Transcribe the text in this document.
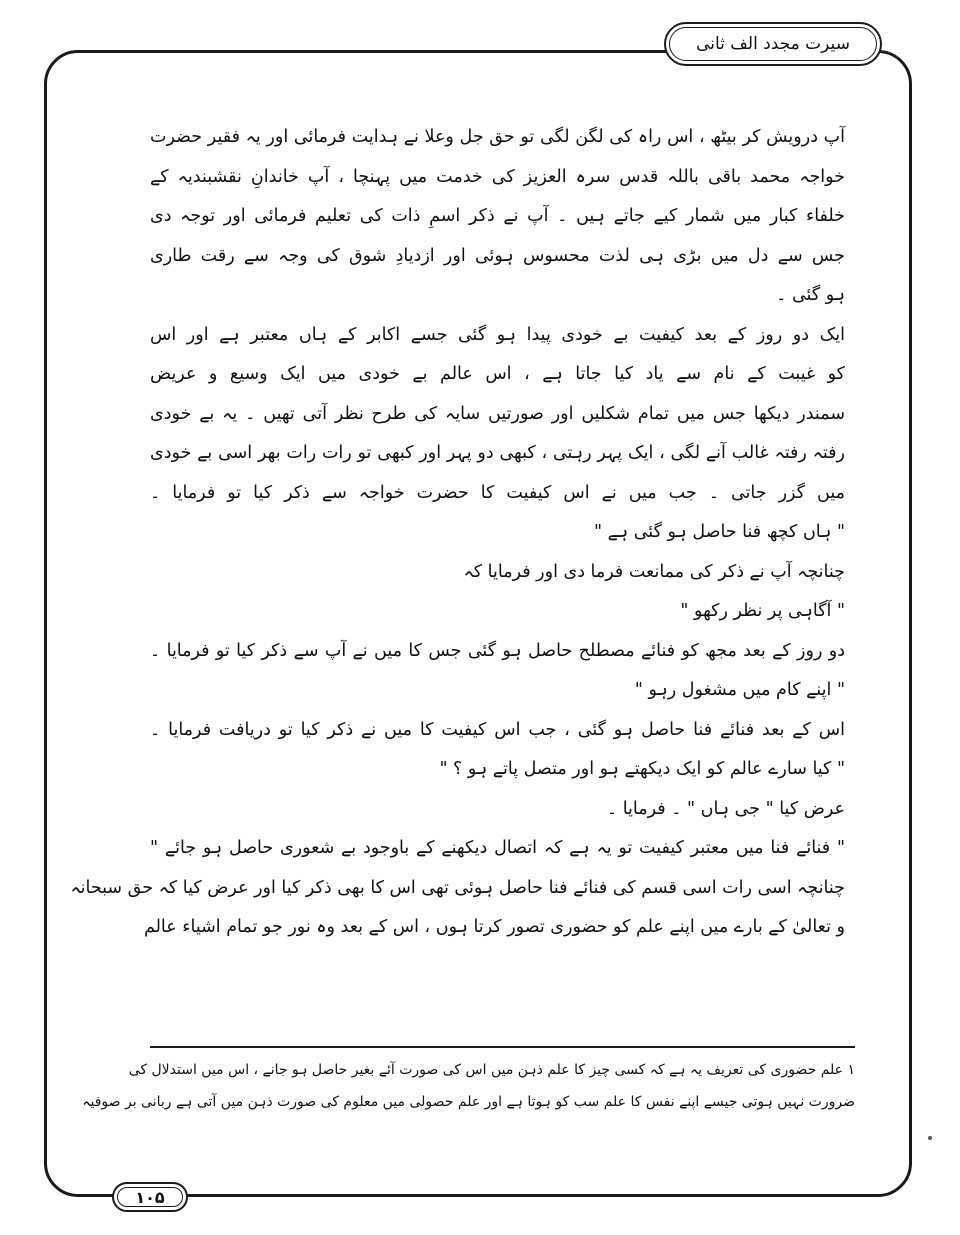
سیرت مجدد الف ثانی
آپ درویش کر بیٹھ ، اس راہ کی لگن لگی تو حق جل وعلا نے ہدایت فرمائی اور یہ فقیر حضرت
خواجہ محمد باقی باللہ قدس سرہ العزیز کی خدمت میں پہنچا ، آپ خاندانِ نقشبندیہ کے
خلفاء کبار میں شمار کیے جاتے ہیں ۔ آپ نے ذکر اسمِ ذات کی تعلیم فرمائی اور توجہ دی
جس سے دل میں بڑی ہی لذت محسوس ہوئی اور ازدیادِ شوق کی وجہ سے رقت طاری
ہو گئی ۔
ایک دو روز کے بعد کیفیت بے خودی پیدا ہو گئی جسے اکابر کے ہاں معتبر ہے اور اس
کو غیبت کے نام سے یاد کیا جاتا ہے ، اس عالم بے خودی میں ایک وسیع و عریض
سمندر دیکھا جس میں تمام شکلیں اور صورتیں سایہ کی طرح نظر آتی تھیں ۔ یہ بے خودی
رفتہ رفتہ غالب آنے لگی ، ایک پہر رہتی ، کبھی دو پہر اور کبھی تو رات رات بھر اسی بے خودی
میں گزر جاتی ۔ جب میں نے اس کیفیت کا حضرت خواجہ سے ذکر کیا تو فرمایا ۔
" ہاں کچھ فنا حاصل ہو گئی ہے "
چنانچہ آپ نے ذکر کی ممانعت فرما دی اور فرمایا کہ
" آگاہی پر نظر رکھو "
دو روز کے بعد مجھ کو فنائے مصطلح حاصل ہو گئی جس کا میں نے آپ سے ذکر کیا تو فرمایا ۔
" اپنے کام میں مشغول رہو "
اس کے بعد فنائے فنا حاصل ہو گئی ، جب اس کیفیت کا میں نے ذکر کیا تو دریافت فرمایا ۔
" کیا سارے عالم کو ایک دیکھتے ہو اور متصل پاتے ہو ؟ "
عرض کیا " جی ہاں " ۔ فرمایا ۔
" فنائے فنا میں معتبر کیفیت تو یہ ہے کہ اتصال دیکھنے کے باوجود بے شعوری حاصل ہو جائے "
چنانچہ اسی رات اسی قسم کی فنائے فنا حاصل ہوئی تھی اس کا بھی ذکر کیا اور عرض کیا کہ حق سبحانہ
و تعالیٰ کے بارے میں اپنے علم کو حضوری تصور کرتا ہوں ، اس کے بعد وہ نور جو تمام اشیاء عالم
۱ علم حضوری کی تعریف یہ ہے کہ کسی چیز کا علم ذہن میں اس کی صورت آئے بغیر حاصل ہو جانے ، اس میں استدلال کی
ضرورت نہیں ہوتی جیسے اپنے نفس کا علم سب کو ہوتا ہے اور علم حصولی میں معلوم کی صورت ذہن میں آتی ہے ربانی بر صوفیہ
۱۰۵
